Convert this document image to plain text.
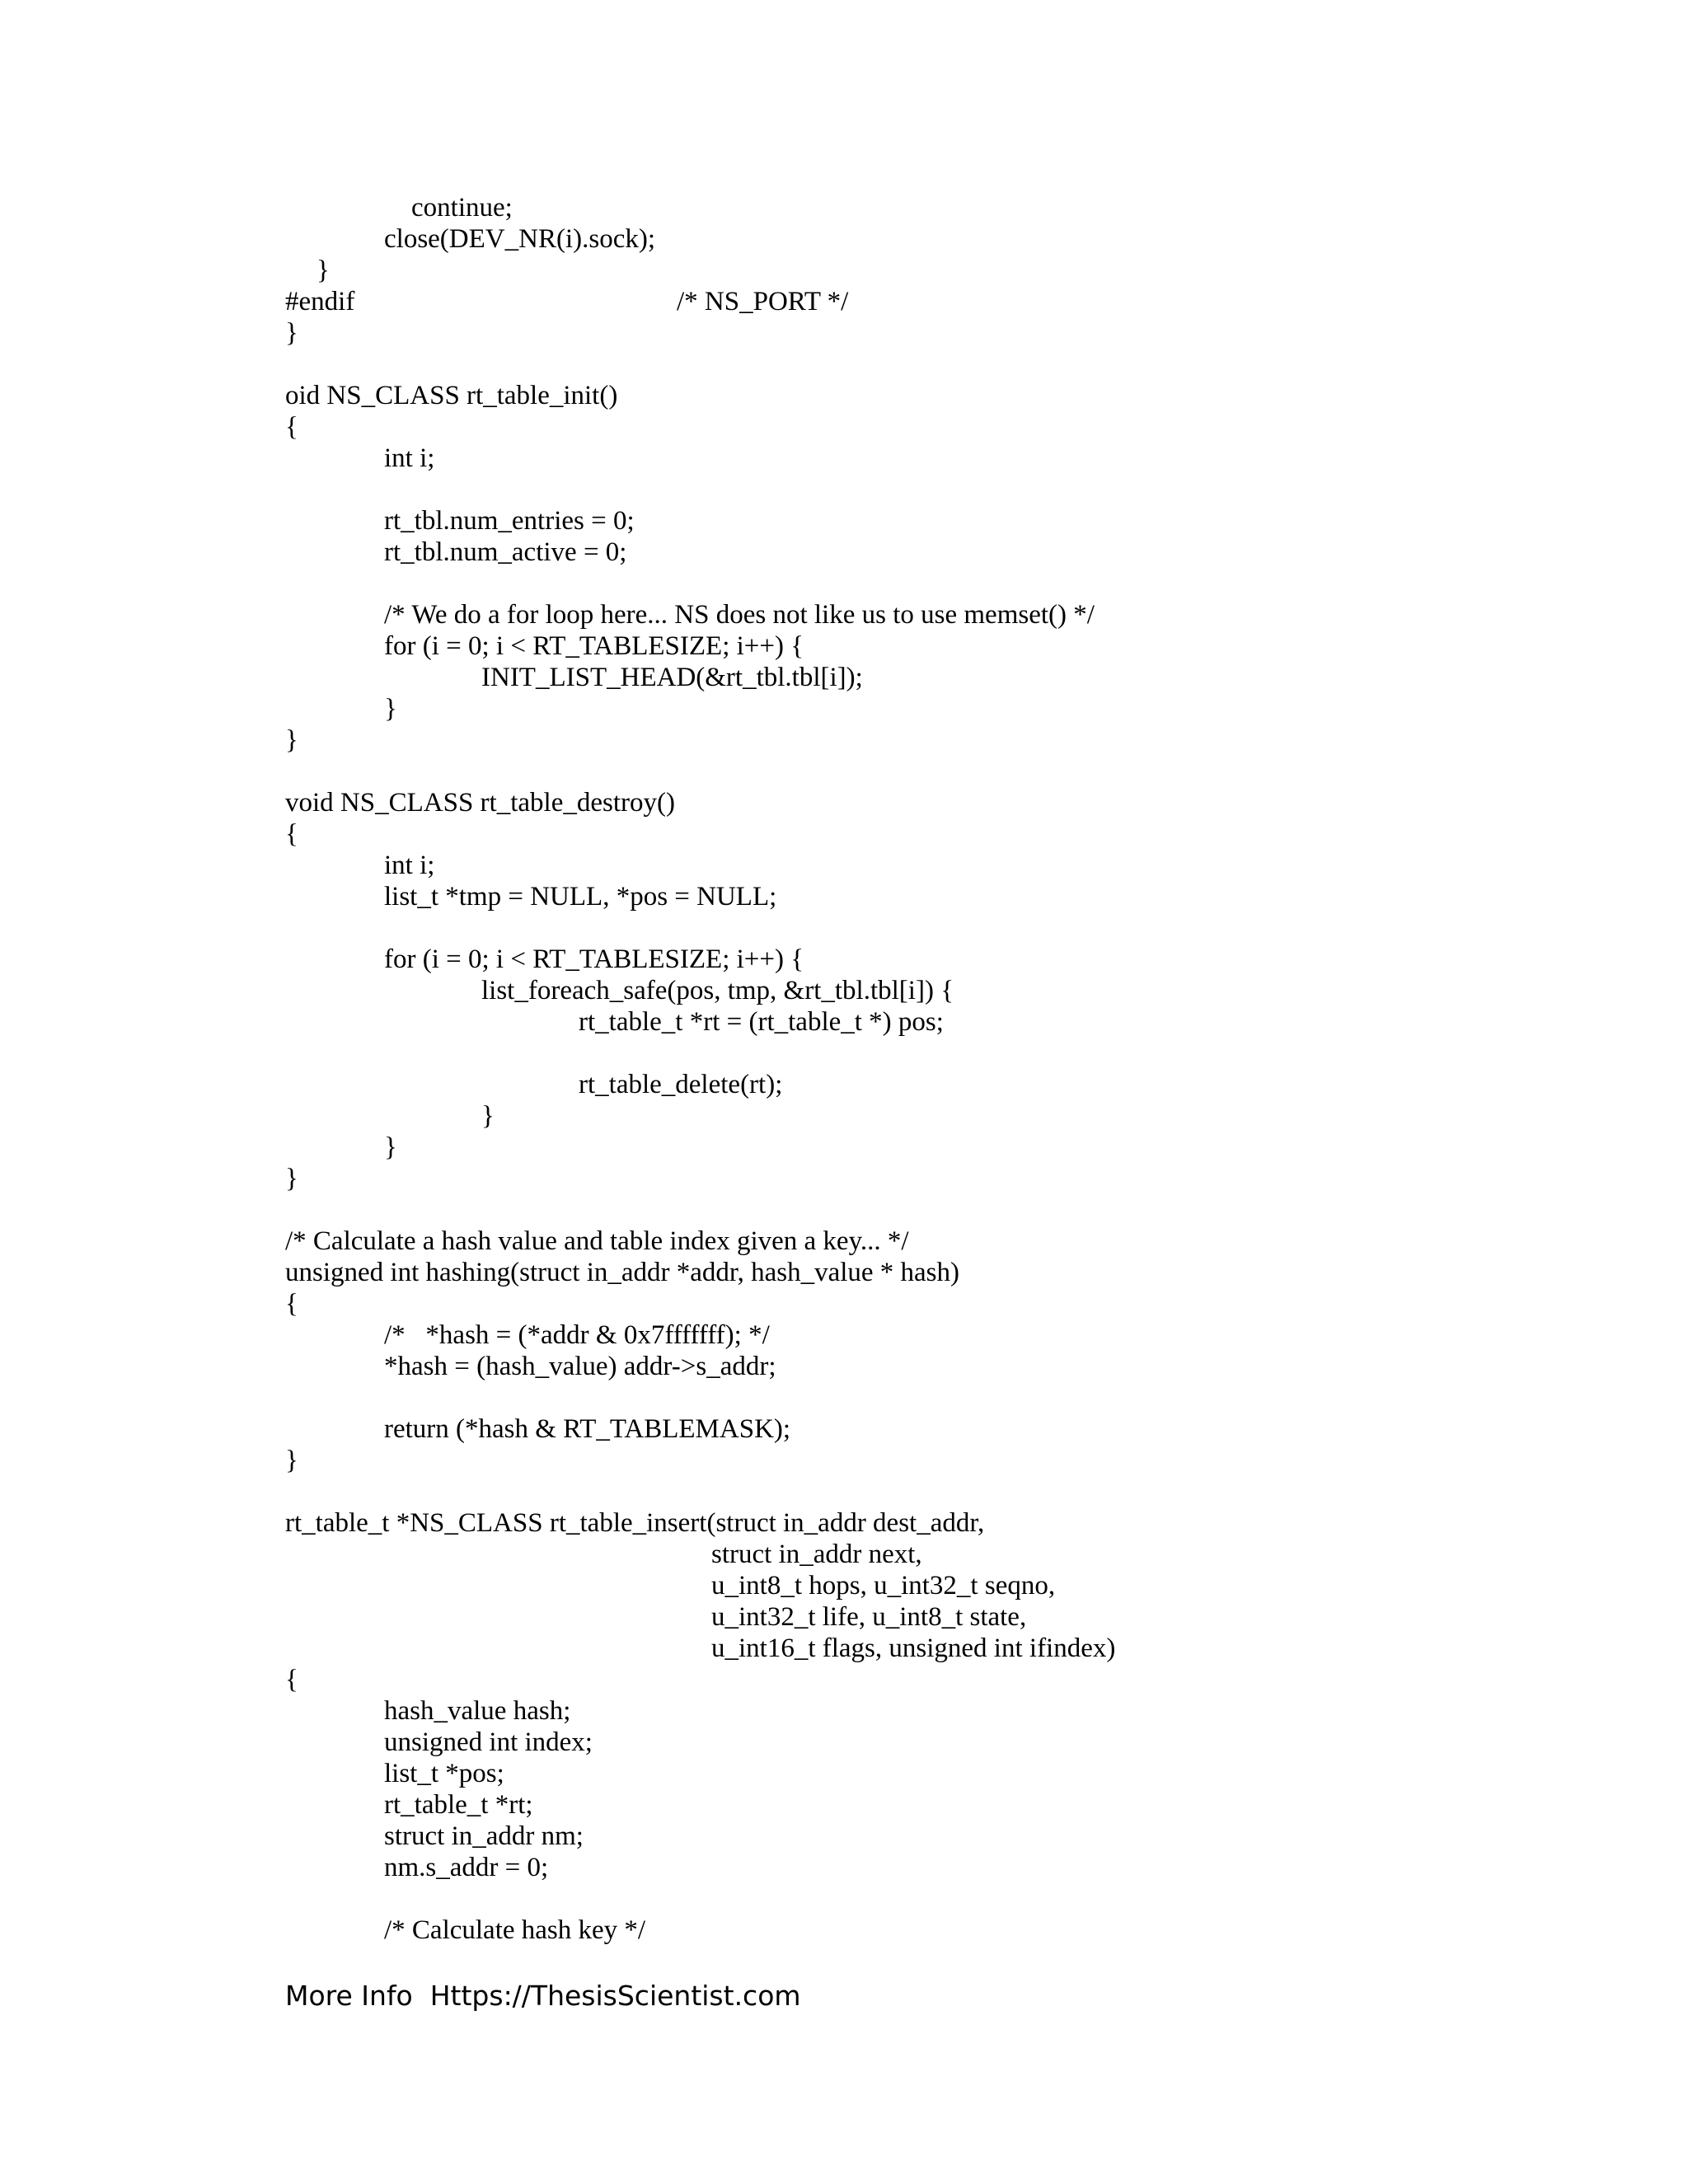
continue;
close(DEV_NR(i).sock);
}
#endif	/* NS_PORT */
}
oid NS_CLASS rt_table_init()
{
int i;
rt_tbl.num_entries = 0;
rt_tbl.num_active = 0;
/* We do a for loop here... NS does not like us to use memset() */
for (i = 0; i < RT_TABLESIZE; i++) {
INIT_LIST_HEAD(&rt_tbl.tbl[i]);
}
}
void NS_CLASS rt_table_destroy()
{
int i;
list_t *tmp = NULL, *pos = NULL;
for (i = 0; i < RT_TABLESIZE; i++) {
list_foreach_safe(pos, tmp, &rt_tbl.tbl[i]) {
rt_table_t *rt = (rt_table_t *) pos;
rt_table_delete(rt);
}
}
}
/* Calculate a hash value and table index given a key... */
unsigned int hashing(struct in_addr *addr, hash_value * hash)
{
/*   *hash = (*addr & 0x7fffffff); */
*hash = (hash_value) addr->s_addr;
return (*hash & RT_TABLEMASK);
}
rt_table_t *NS_CLASS rt_table_insert(struct in_addr dest_addr,
struct in_addr next,
u_int8_t hops, u_int32_t seqno,
u_int32_t life, u_int8_t state,
u_int16_t flags, unsigned int ifindex)
{
hash_value hash;
unsigned int index;
list_t *pos;
rt_table_t *rt;
struct in_addr nm;
nm.s_addr = 0;
/* Calculate hash key */
More Info  Https://ThesisScientist.com
